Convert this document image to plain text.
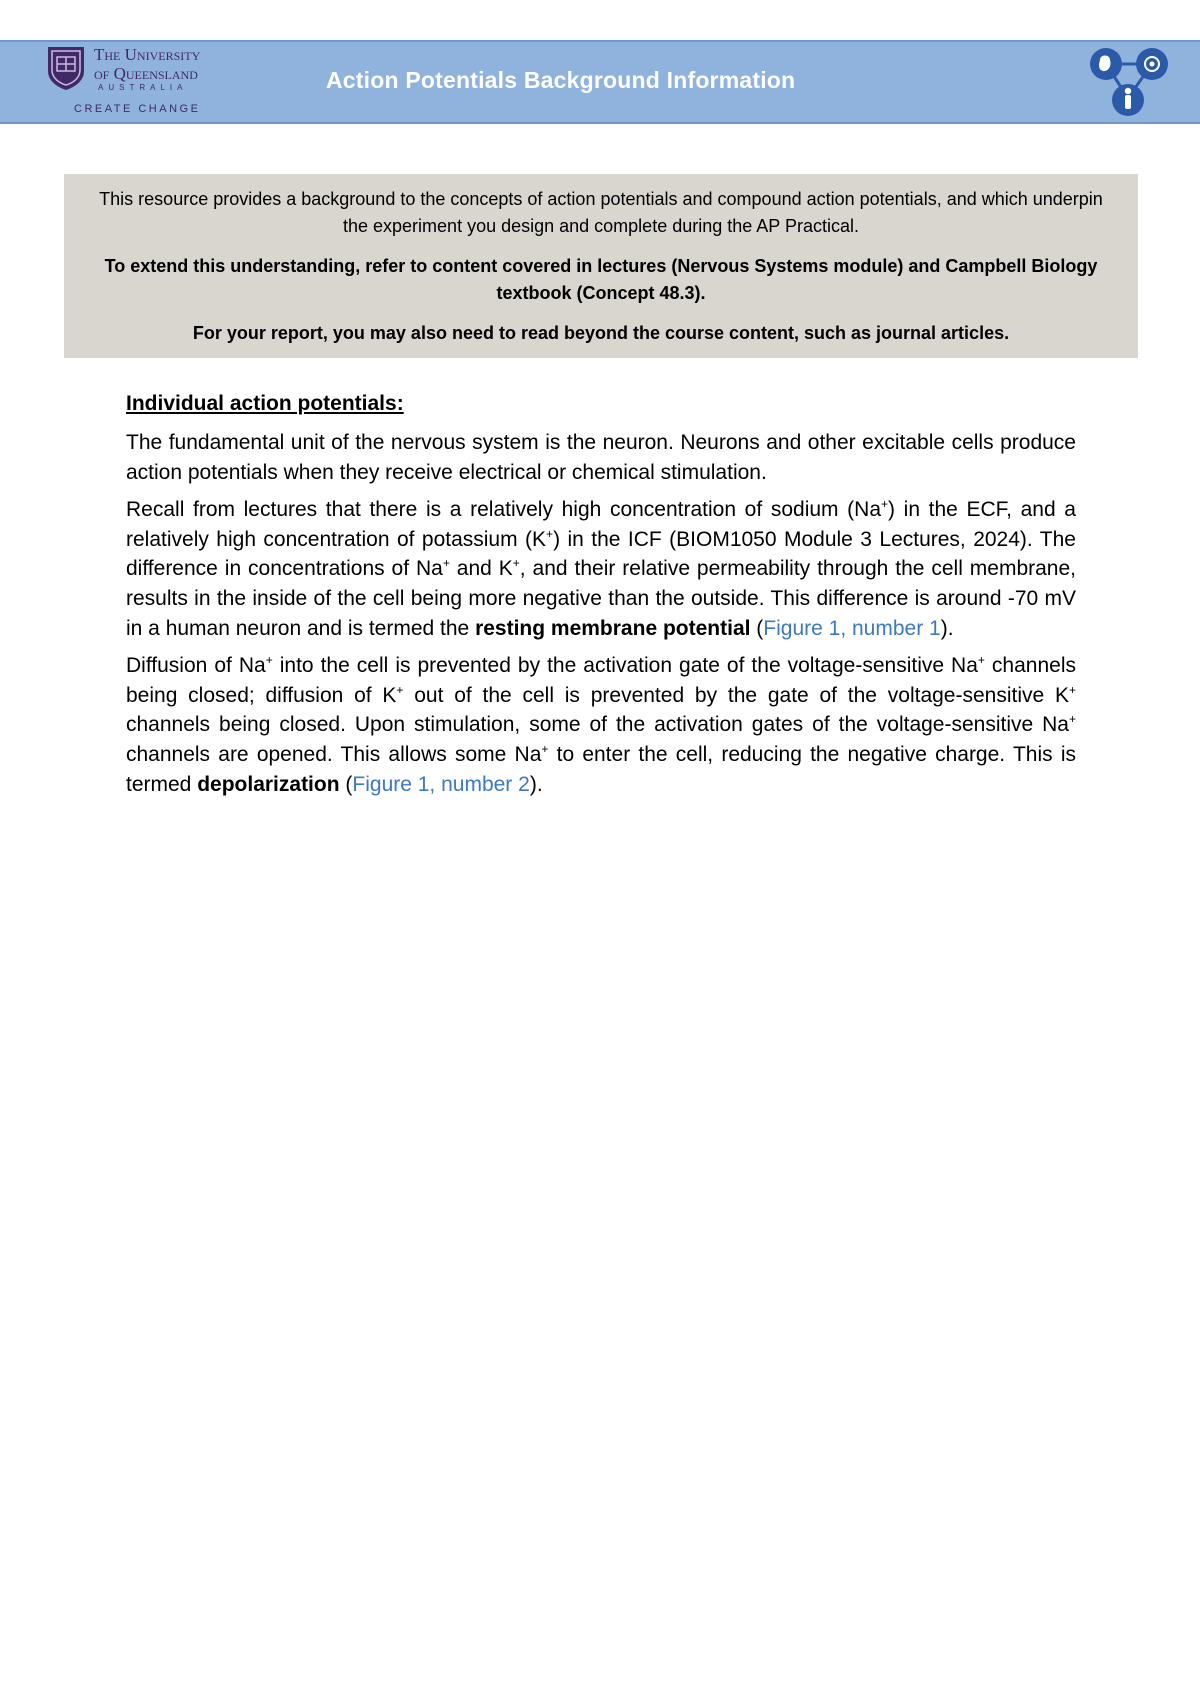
The University
of Queensland
AUSTRALIA
CREATE CHANGE
Action Potentials Background Information

This resource provides a background to the concepts of action potentials and compound action potentials, and which underpin the experiment you design and complete during the AP Practical.

To extend this understanding, refer to content covered in lectures (Nervous Systems module) and Campbell Biology textbook (Concept 48.3).

For your report, you may also need to read beyond the course content, such as journal articles.

Individual action potentials:

The fundamental unit of the nervous system is the neuron. Neurons and other excitable cells produce action potentials when they receive electrical or chemical stimulation.

Recall from lectures that there is a relatively high concentration of sodium (Na+) in the ECF, and a relatively high concentration of potassium (K+) in the ICF (BIOM1050 Module 3 Lectures, 2024). The difference in concentrations of Na+ and K+, and their relative permeability through the cell membrane, results in the inside of the cell being more negative than the outside. This difference is around -70 mV in a human neuron and is termed the resting membrane potential (Figure 1, number 1).

Diffusion of Na+ into the cell is prevented by the activation gate of the voltage-sensitive Na+ channels being closed; diffusion of K+ out of the cell is prevented by the gate of the voltage-sensitive K+ channels being closed. Upon stimulation, some of the activation gates of the voltage-sensitive Na+ channels are opened. This allows some Na+ to enter the cell, reducing the negative charge. This is termed depolarization (Figure 1, number 2).
